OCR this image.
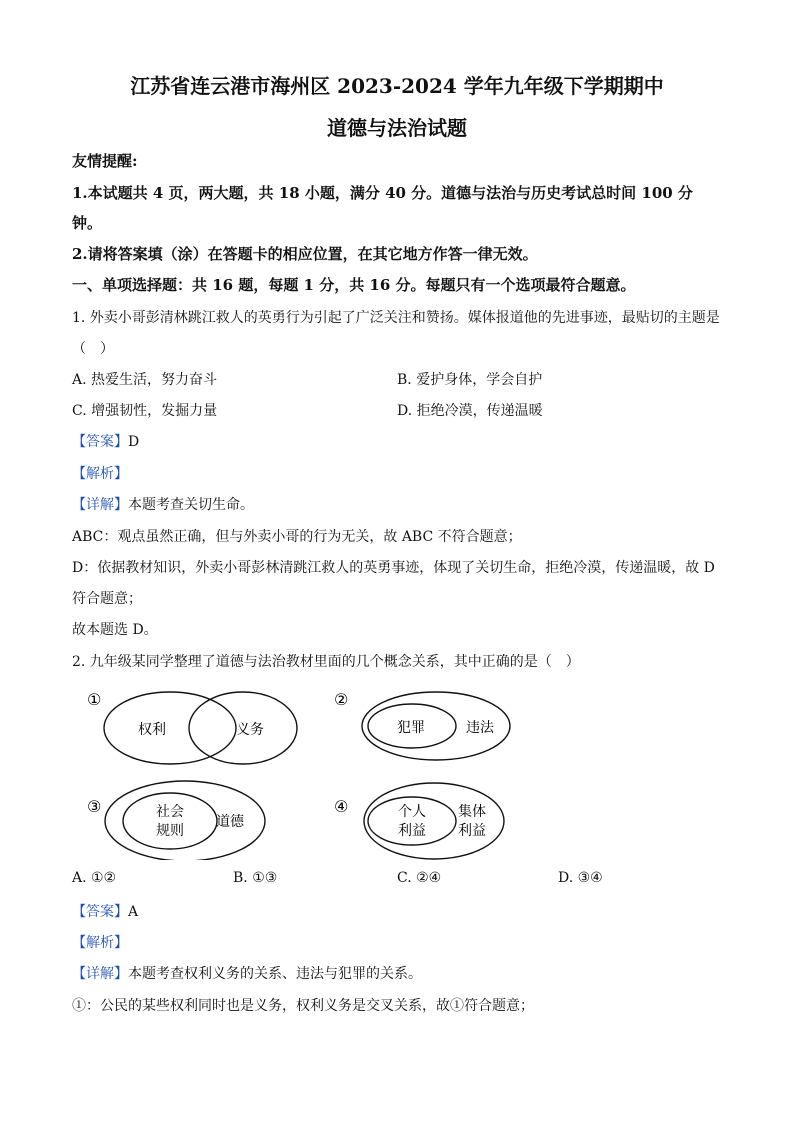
江苏省连云港市海州区 2023-2024 学年九年级下学期期中
道德与法治试题
友情提醒:
1.本试题共 4 页，两大题，共 18 小题，满分 40 分。道德与法治与历史考试总时间 100 分
钟。
2.请将答案填（涂）在答题卡的相应位置，在其它地方作答一律无效。
一、单项选择题：共 16 题，每题 1 分，共 16 分。每题只有一个选项最符合题意。
1. 外卖小哥彭清林跳江救人的英勇行为引起了广泛关注和赞扬。媒体报道他的先进事迹，最贴切的主题是
（　）
A. 热爱生活，努力奋斗	B. 爱护身体，学会自护
C. 增强韧性，发掘力量	D. 拒绝冷漠，传递温暖
【答案】D
【解析】
【详解】本题考查关切生命。
ABC：观点虽然正确，但与外卖小哥的行为无关，故 ABC 不符合题意；
D：依据教材知识，外卖小哥彭林清跳江救人的英勇事迹，体现了关切生命，拒绝冷漠，传递温暖，故 D
符合题意；
故本题选 D。
2. 九年级某同学整理了道德与法治教材里面的几个概念关系，其中正确的是（　）
①
权利	义务
②
犯罪	违法
③	社会
规则
道德
④	个人
利益
集体
利益
A. ①②	B. ①③	C. ②④	D. ③④
【答案】A
【解析】
【详解】本题考查权利义务的关系、违法与犯罪的关系。
①：公民的某些权利同时也是义务，权利义务是交叉关系，故①符合题意；
